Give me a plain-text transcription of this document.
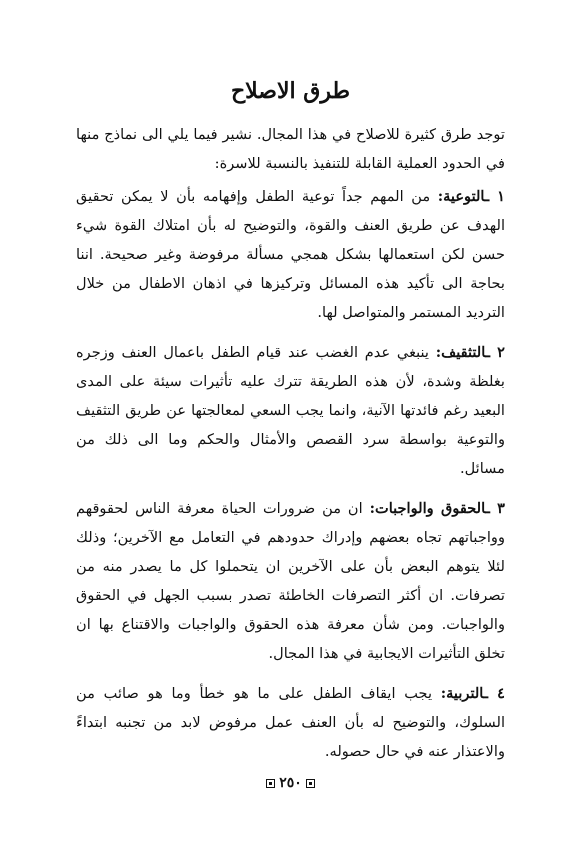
طرق الاصلاح

توجد طرق كثيرة للاصلاح في هذا المجال. نشير فيما يلي الى نماذج منها في الحدود العملية القابلة للتنفيذ بالنسبة للاسرة:

١ ـالتوعية: من المهم جداً توعية الطفل وإفهامه بأن لا يمكن تحقيق الهدف عن طريق العنف والقوة، والتوضيح له بأن امتلاك القوة شيء حسن لكن استعمالها بشكل همجي مسألة مرفوضة وغير صحيحة. اننا بحاجة الى تأكيد هذه المسائل وتركيزها في اذهان الاطفال من خلال الترديد المستمر والمتواصل لها.

٢ ـالتثقيف: ينبغي عدم الغضب عند قيام الطفل باعمال العنف وزجره بغلظة وشدة، لأن هذه الطريقة تترك عليه تأثيرات سيئة على المدى البعيد رغم فائدتها الآنية، وانما يجب السعي لمعالجتها عن طريق التثقيف والتوعية بواسطة سرد القصص والأمثال والحكم وما الى ذلك من مسائل.

٣ ـالحقوق والواجبات: ان من ضرورات الحياة معرفة الناس لحقوقهم وواجباتهم تجاه بعضهم وإدراك حدودهم في التعامل مع الآخرين؛ وذلك لئلا يتوهم البعض بأن على الآخرين ان يتحملوا كل ما يصدر منه من تصرفات. ان أكثر التصرفات الخاطئة تصدر بسبب الجهل في الحقوق والواجبات. ومن شأن معرفة هذه الحقوق والواجبات والاقتناع بها ان تخلق التأثيرات الايجابية في هذا المجال.

٤ ـالتربية: يجب ايقاف الطفل على ما هو خطأ وما هو صائب من السلوك، والتوضيح له بأن العنف عمل مرفوض لابد من تجنبه ابتداءً والاعتذار عنه في حال حصوله.

٢٥٠
